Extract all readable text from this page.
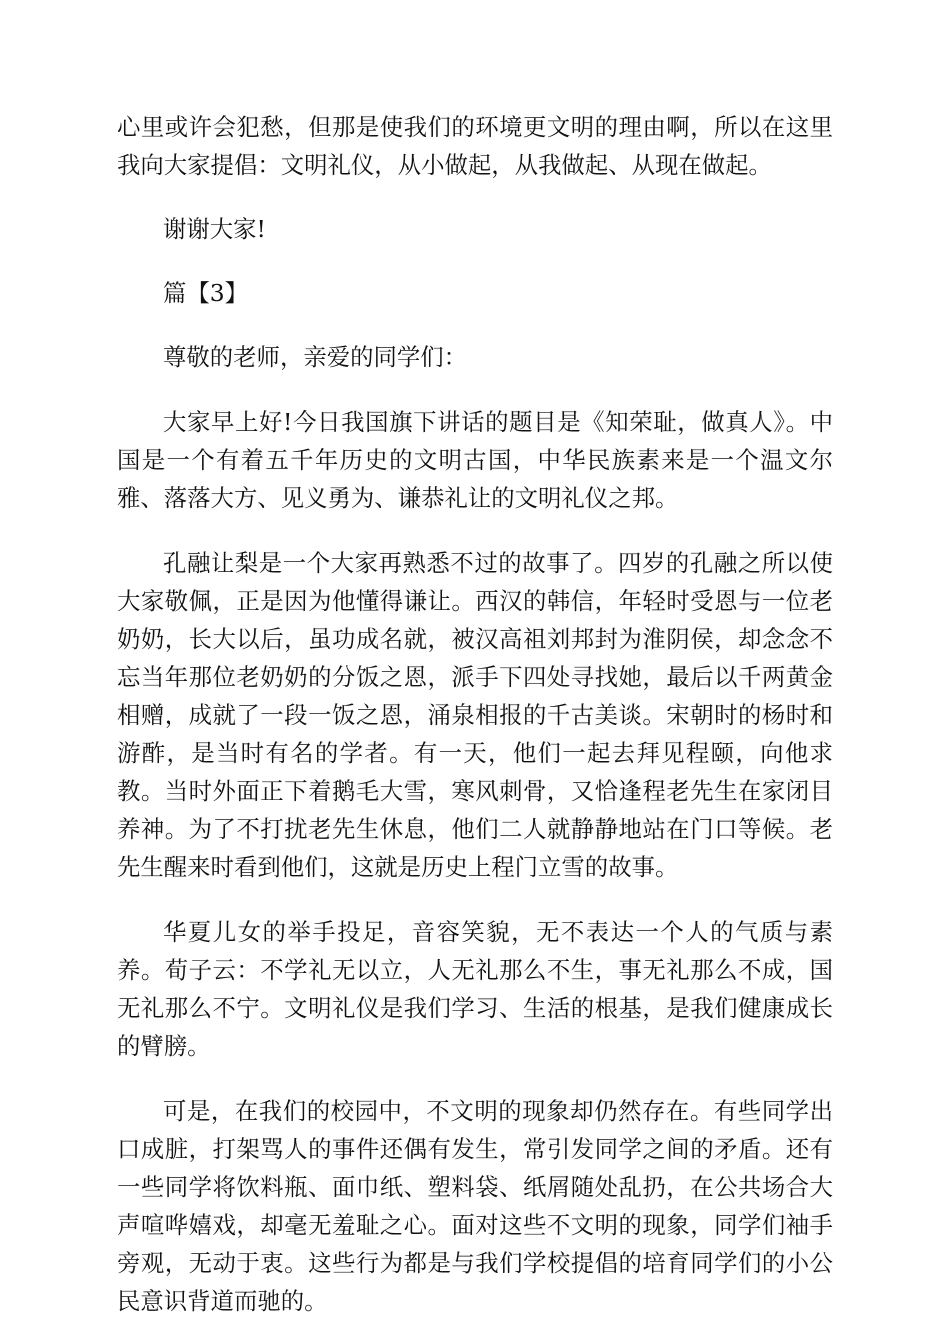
心里或许会犯愁，但那是使我们的环境更文明的理由啊，所以在这里我向大家提倡：文明礼仪，从小做起，从我做起、从现在做起。

谢谢大家!

篇【3】

尊敬的老师，亲爱的同学们：

大家早上好!今日我国旗下讲话的题目是《知荣耻，做真人》。中国是一个有着五千年历史的文明古国，中华民族素来是一个温文尔雅、落落大方、见义勇为、谦恭礼让的文明礼仪之邦。

孔融让梨是一个大家再熟悉不过的故事了。四岁的孔融之所以使大家敬佩，正是因为他懂得谦让。西汉的韩信，年轻时受恩与一位老奶奶，长大以后，虽功成名就，被汉高祖刘邦封为淮阴侯，却念念不忘当年那位老奶奶的分饭之恩，派手下四处寻找她，最后以千两黄金相赠，成就了一段一饭之恩，涌泉相报的千古美谈。宋朝时的杨时和游酢，是当时有名的学者。有一天，他们一起去拜见程颐，向他求教。当时外面正下着鹅毛大雪，寒风刺骨，又恰逢程老先生在家闭目养神。为了不打扰老先生休息，他们二人就静静地站在门口等候。老先生醒来时看到他们，这就是历史上程门立雪的故事。

华夏儿女的举手投足，音容笑貌，无不表达一个人的气质与素养。荀子云：不学礼无以立，人无礼那么不生，事无礼那么不成，国无礼那么不宁。文明礼仪是我们学习、生活的根基，是我们健康成长的臂膀。

可是，在我们的校园中，不文明的现象却仍然存在。有些同学出口成脏，打架骂人的事件还偶有发生，常引发同学之间的矛盾。还有一些同学将饮料瓶、面巾纸、塑料袋、纸屑随处乱扔，在公共场合大声喧哗嬉戏，却毫无羞耻之心。面对这些不文明的现象，同学们袖手旁观，无动于衷。这些行为都是与我们学校提倡的培育同学们的小公民意识背道而驰的。
